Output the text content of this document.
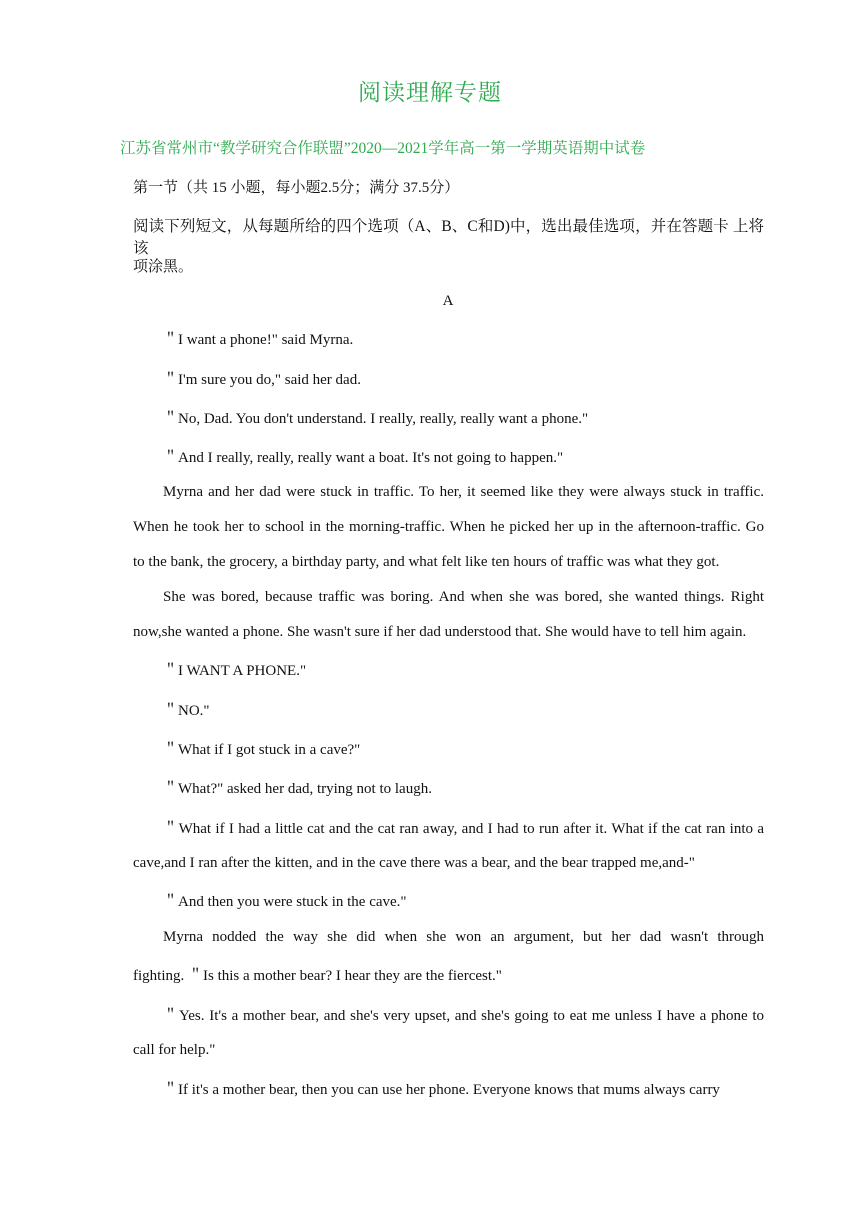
阅读理解专题
江苏省常州市“教学研究合作联盟”2020—2021学年高一第一学期英语期中试卷
第一节（共 15 小题，每小题2.5分；满分 37.5分）
阅读下列短文，从每题所给的四个选项（A、B、C和D)中，选出最佳选项，并在答题卡 上将该
项涂黑。
A
＂I want a phone!" said Myrna.
＂I'm sure you do," said her dad.
＂No, Dad. You don't understand. I really, really, really want a phone."
＂And I really, really, really want a boat. It's not going to happen."
Myrna and her dad were stuck in traffic. To her, it seemed like they were always stuck in traffic.
When he took her to school in the morning-traffic. When he picked her up in the afternoon-traffic. Go
to the bank, the grocery, a birthday party, and what felt like ten hours of traffic was what they got.
She was bored, because traffic was boring. And when she was bored, she wanted things. Right
now,she wanted a phone. She wasn't sure if her dad understood that. She would have to tell him again.
＂I WANT A PHONE."
＂NO."
＂What if I got stuck in a cave?"
＂What?" asked her dad, trying not to laugh.
＂What if I had a little cat and the cat ran away, and I had to run after it. What if the cat ran into a
cave,and I ran after the kitten, and in the cave there was a bear, and the bear trapped me,and-"
＂And then you were stuck in the cave."
Myrna nodded the way she did when she won an argument, but her dad wasn't through
fighting. ＂Is this a mother bear? I hear they are the fiercest."
＂Yes. It's a mother bear, and she's very upset, and she's going to eat me unless I have a phone to
call for help."
＂If it's a mother bear, then you can use her phone. Everyone knows that mums always carry
